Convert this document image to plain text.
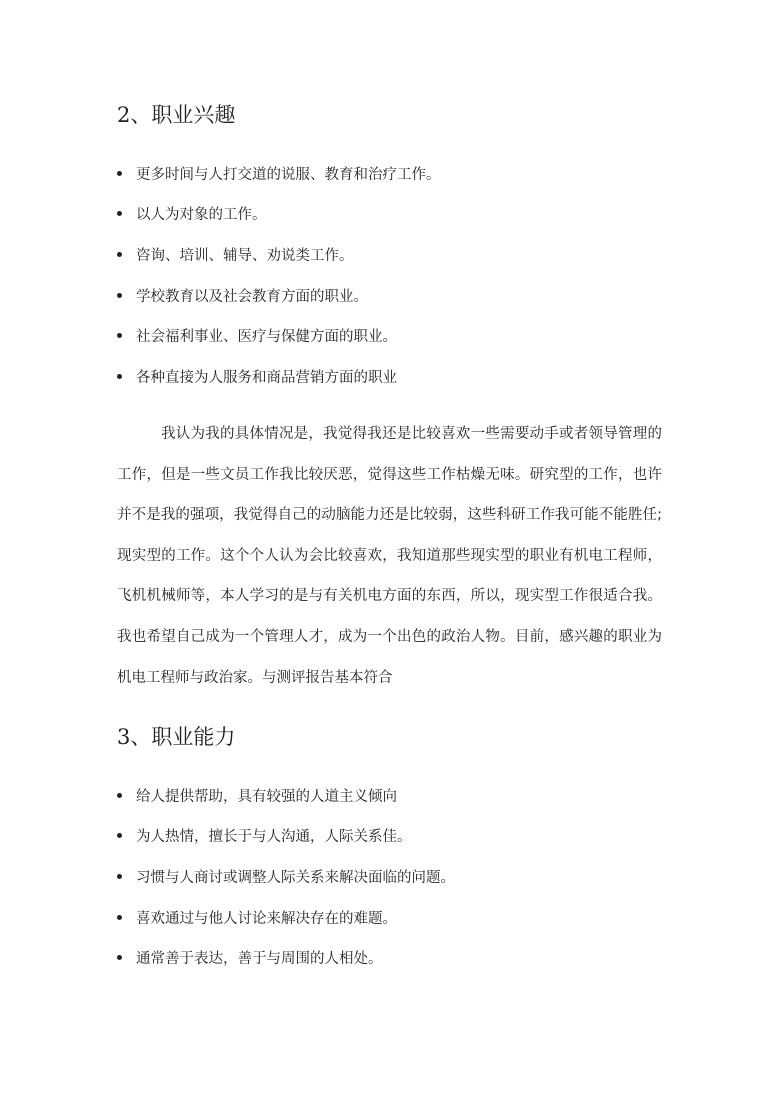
2、职业兴趣
更多时间与人打交道的说服、教育和治疗工作。
以人为对象的工作。
咨询、培训、辅导、劝说类工作。
学校教育以及社会教育方面的职业。
社会福利事业、医疗与保健方面的职业。
各种直接为人服务和商品营销方面的职业

我认为我的具体情况是，我觉得我还是比较喜欢一些需要动手或者领导管理的工作，但是一些文员工作我比较厌恶，觉得这些工作枯燥无味。研究型的工作，也许并不是我的强项，我觉得自己的动脑能力还是比较弱，这些科研工作我可能不能胜任;现实型的工作。这个个人认为会比较喜欢，我知道那些现实型的职业有机电工程师，飞机机械师等，本人学习的是与有关机电方面的东西，所以，现实型工作很适合我。我也希望自己成为一个管理人才，成为一个出色的政治人物。目前，感兴趣的职业为机电工程师与政治家。与测评报告基本符合

3、职业能力
给人提供帮助，具有较强的人道主义倾向
为人热情，擅长于与人沟通，人际关系佳。
习惯与人商讨或调整人际关系来解决面临的问题。
喜欢通过与他人讨论来解决存在的难题。
通常善于表达，善于与周围的人相处。
